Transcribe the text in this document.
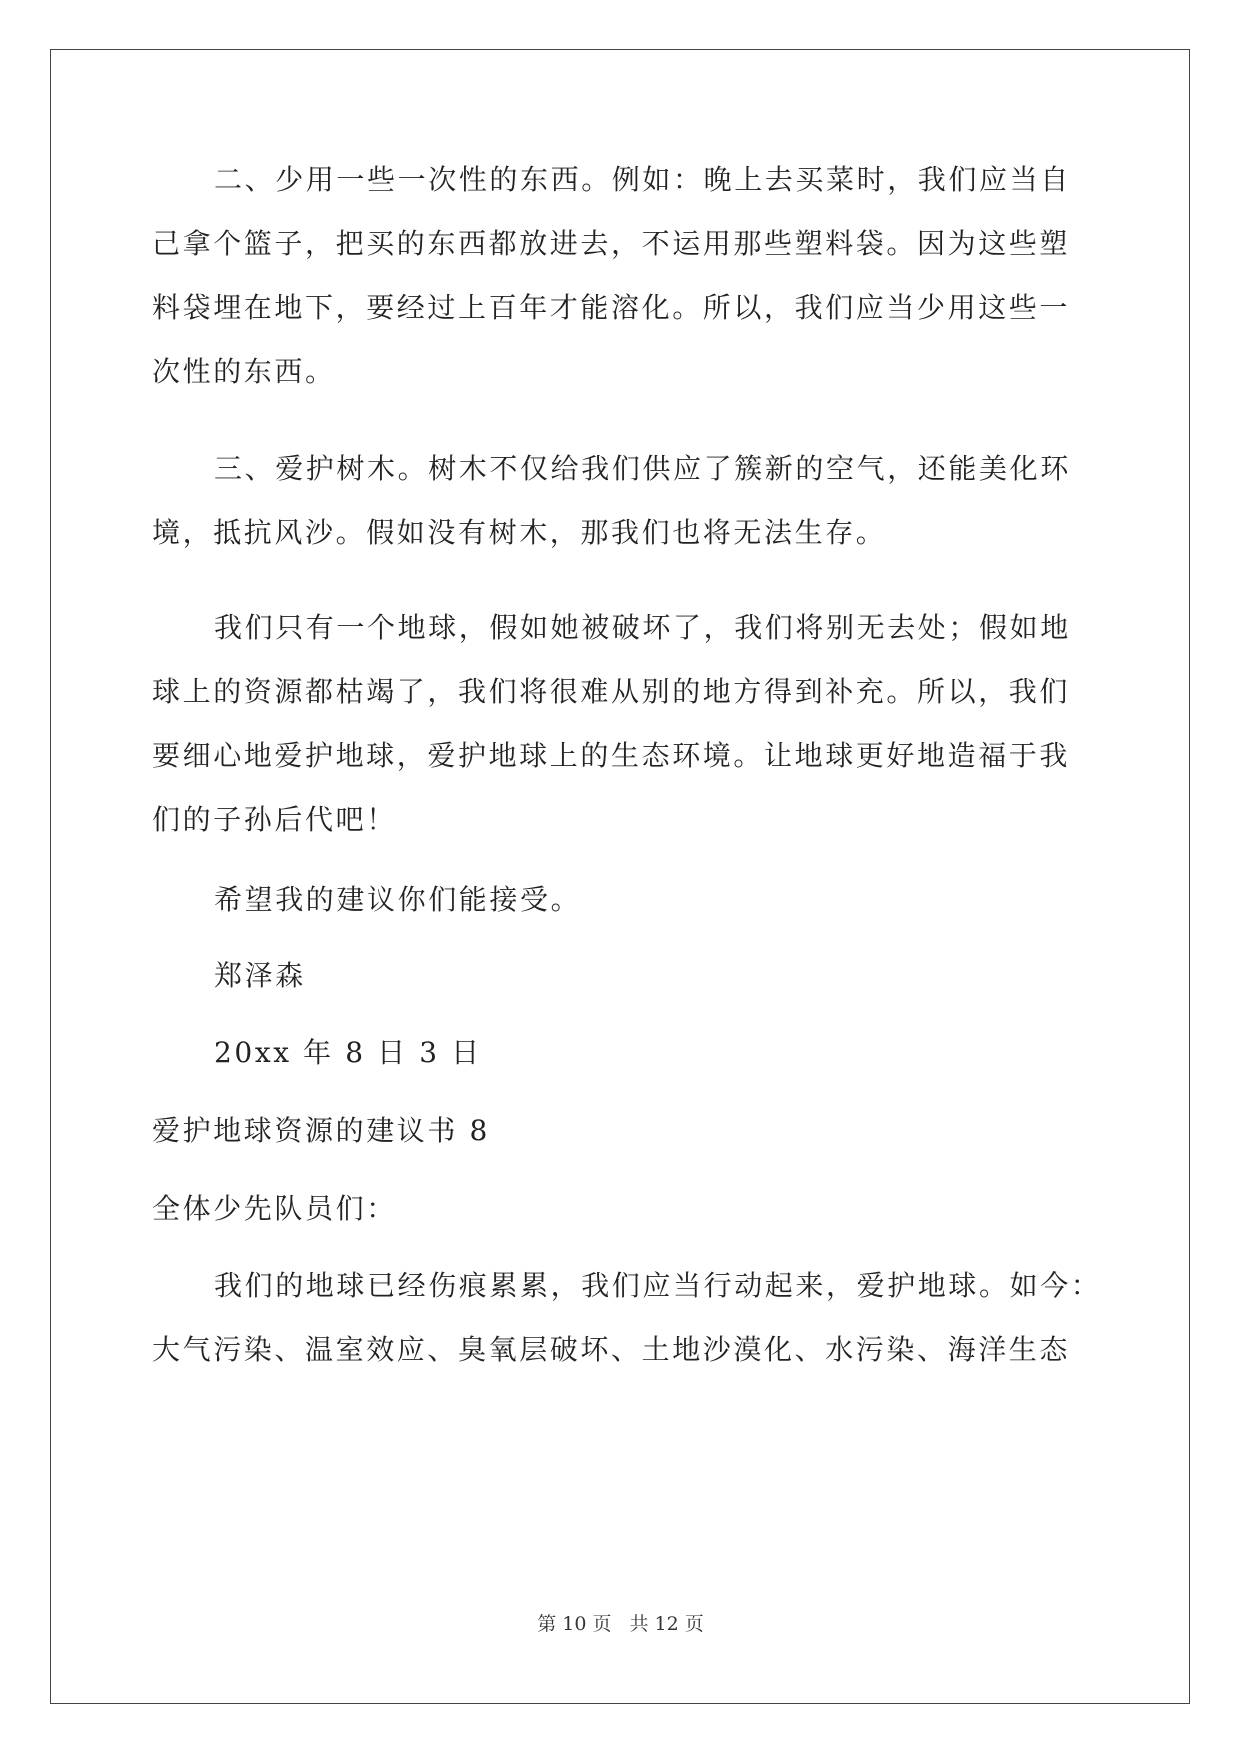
二、少用一些一次性的东西。例如：晚上去买菜时，我们应当自
己拿个篮子，把买的东西都放进去，不运用那些塑料袋。因为这些塑
料袋埋在地下，要经过上百年才能溶化。所以，我们应当少用这些一
次性的东西。
三、爱护树木。树木不仅给我们供应了簇新的空气，还能美化环
境，抵抗风沙。假如没有树木，那我们也将无法生存。
我们只有一个地球，假如她被破坏了，我们将别无去处；假如地
球上的资源都枯竭了，我们将很难从别的地方得到补充。所以，我们
要细心地爱护地球，爱护地球上的生态环境。让地球更好地造福于我
们的子孙后代吧！
希望我的建议你们能接受。
郑泽森
20xx 年 8 日 3 日
爱护地球资源的建议书 8
全体少先队员们：
我们的地球已经伤痕累累，我们应当行动起来，爱护地球。如今：
大气污染、温室效应、臭氧层破坏、土地沙漠化、水污染、海洋生态
第 10 页 共 12 页
